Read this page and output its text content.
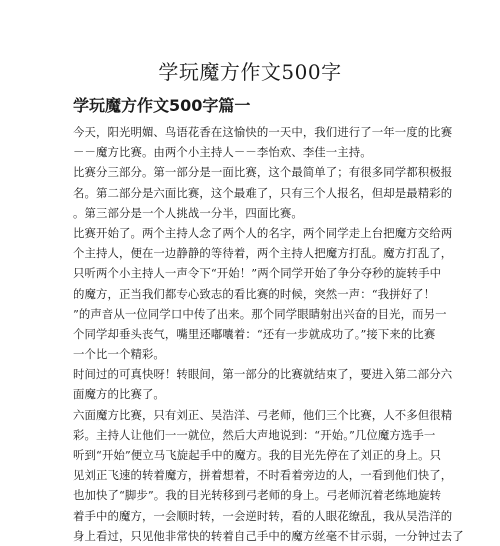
学玩魔方作文500字
学玩魔方作文500字篇一
今天，阳光明媚、鸟语花香在这愉快的一天中，我们进行了一年一度的比赛
－－魔方比赛。由两个小主持人－－李怡欢、李佳一主持。
比赛分三部分。第一部分是一面比赛，这个最简单了；有很多同学都积极报
名。第二部分是六面比赛，这个最难了，只有三个人报名，但却是最精彩的
。第三部分是一个人挑战一分半，四面比赛。
比赛开始了。两个主持人念了两个人的名字，两个同学走上台把魔方交给两
个主持人，便在一边静静的等待着，两个主持人把魔方打乱。魔方打乱了，
只听两个小主持人一声令下“开始！”两个同学开始了争分夺秒的旋转手中
的魔方，正当我们都专心致志的看比赛的时候，突然一声：“我拼好了！
”的声音从一位同学口中传了出来。那个同学眼睛射出兴奋的目光，而另一
个同学却垂头丧气，嘴里还嘟囔着：“还有一步就成功了。”接下来的比赛
一个比一个精彩。
时间过的可真快呀！转眼间，第一部分的比赛就结束了，要进入第二部分六
面魔方的比赛了。
六面魔方比赛，只有刘正、吴浩洋、弓老师，他们三个比赛，人不多但很精
彩。主持人让他们一一就位，然后大声地说到：“开始。”几位魔方选手一
听到“开始”便立马飞旋起手中的魔方。我的目光先停在了刘正的身上。只
见刘正飞速的转着魔方，拼着想着，不时看着旁边的人，一看到他们快了，
也加快了“脚步”。我的目光转移到弓老师的身上。弓老师沉着老练地旋转
着手中的魔方，一会顺时转，一会逆时转，看的人眼花缭乱，我从吴浩洋的
身上看过，只见他非常快的转着自己手中的魔方丝毫不甘示弱，一分钟过去了
